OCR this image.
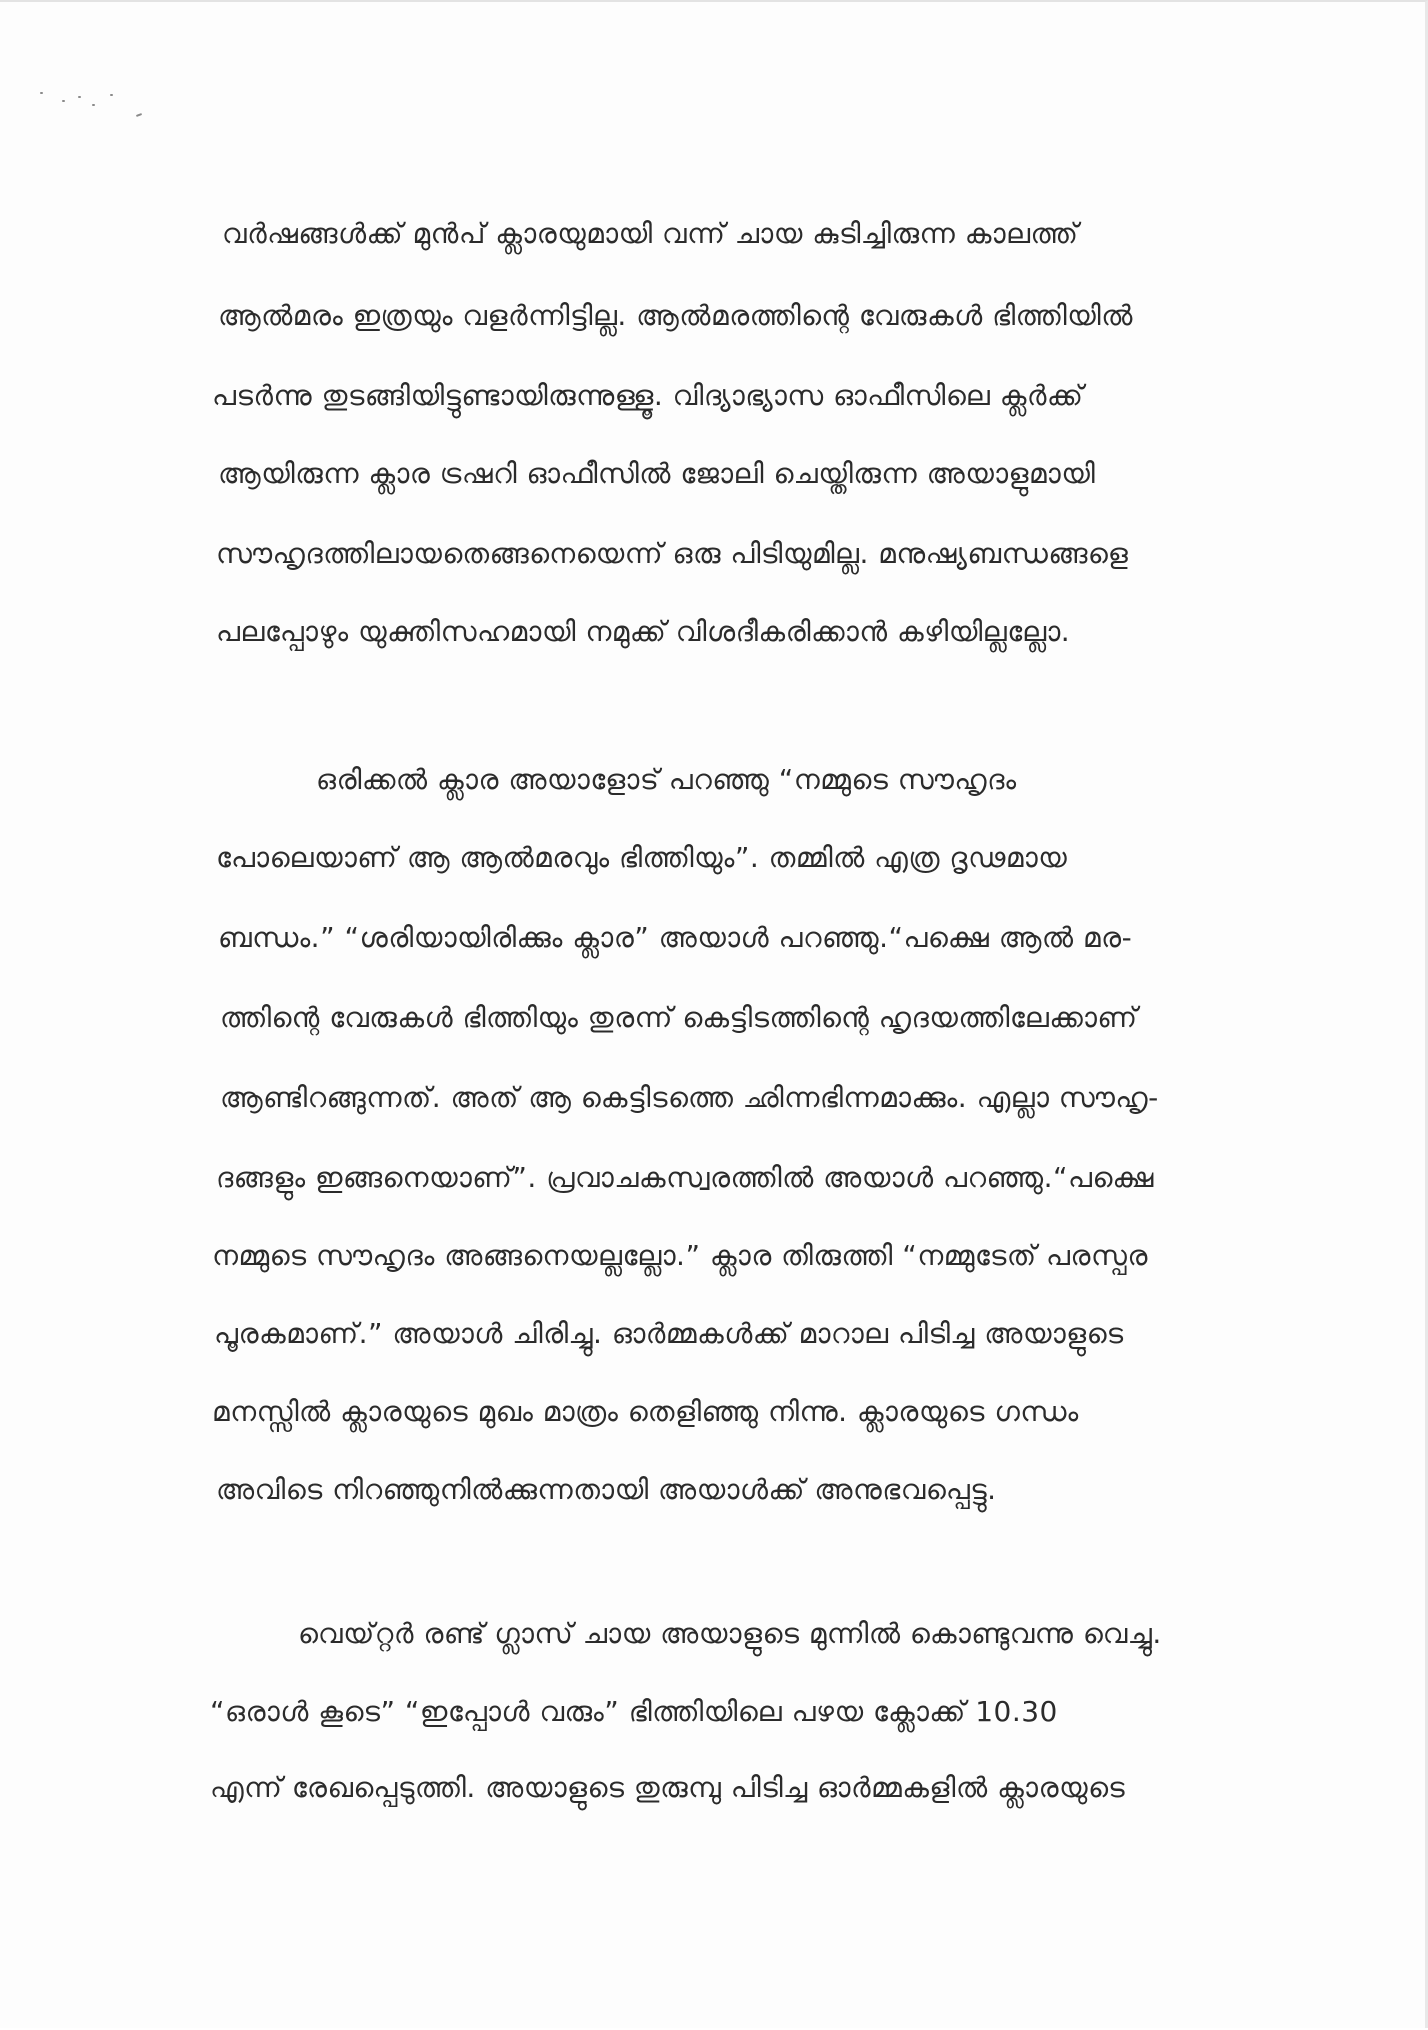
വർഷങ്ങൾക്ക് മുൻപ് ക്ലാരയുമായി വന്ന് ചായ കുടിച്ചിരുന്ന കാലത്ത്
ആൽമരം ഇത്രയും വളർന്നിട്ടില്ല. ആൽമരത്തിന്റെ വേരുകൾ ഭിത്തിയിൽ
പടർന്നു തുടങ്ങിയിട്ടുണ്ടായിരുന്നുള്ളൂ. വിദ്യാഭ്യാസ ഓഫീസിലെ ക്ലർക്ക്
ആയിരുന്ന ക്ലാര ട്രഷറി ഓഫീസിൽ ജോലി ചെയ്തിരുന്ന അയാളുമായി
സൗഹൃദത്തിലായതെങ്ങനെയെന്ന് ഒരു പിടിയുമില്ല. മനുഷ്യബന്ധങ്ങളെ
പലപ്പോഴും യുക്തിസഹമായി നമുക്ക് വിശദീകരിക്കാൻ കഴിയില്ലല്ലോ.
ഒരിക്കൽ ക്ലാര അയാളോട് പറഞ്ഞു “നമ്മുടെ സൗഹൃദം
പോലെയാണ് ആ ആൽമരവും ഭിത്തിയും”. തമ്മിൽ എത്ര ദൃഢമായ
ബന്ധം.” “ശരിയായിരിക്കും ക്ലാര” അയാൾ പറഞ്ഞു.“പക്ഷെ ആൽ മര-
ത്തിന്റെ വേരുകൾ ഭിത്തിയും തുരന്ന് കെട്ടിടത്തിന്റെ ഹൃദയത്തിലേക്കാണ്
ആണ്ടിറങ്ങുന്നത്. അത് ആ കെട്ടിടത്തെ ഛിന്നഭിന്നമാക്കും. എല്ലാ സൗഹൃ-
ദങ്ങളും ഇങ്ങനെയാണ്”. പ്രവാചകസ്വരത്തിൽ അയാൾ പറഞ്ഞു.“പക്ഷെ
നമ്മുടെ സൗഹൃദം അങ്ങനെയല്ലല്ലോ.” ക്ലാര തിരുത്തി “നമ്മുടേത് പരസ്പര
പൂരകമാണ്.” അയാൾ ചിരിച്ചു. ഓർമ്മകൾക്ക് മാറാല പിടിച്ച അയാളുടെ
മനസ്സിൽ ക്ലാരയുടെ മുഖം മാത്രം തെളിഞ്ഞു നിന്നു. ക്ലാരയുടെ ഗന്ധം
അവിടെ നിറഞ്ഞുനിൽക്കുന്നതായി അയാൾക്ക് അനുഭവപ്പെട്ടു.
വെയ്റ്റർ രണ്ട് ഗ്ലാസ് ചായ അയാളുടെ മുന്നിൽ കൊണ്ടുവന്നു വെച്ചു.
“ഒരാൾ കൂടെ” “ഇപ്പോൾ വരും” ഭിത്തിയിലെ പഴയ ക്ലോക്ക് 10.30
എന്ന് രേഖപ്പെടുത്തി. അയാളുടെ തുരുമ്പു പിടിച്ച ഓർമ്മകളിൽ ക്ലാരയുടെ
